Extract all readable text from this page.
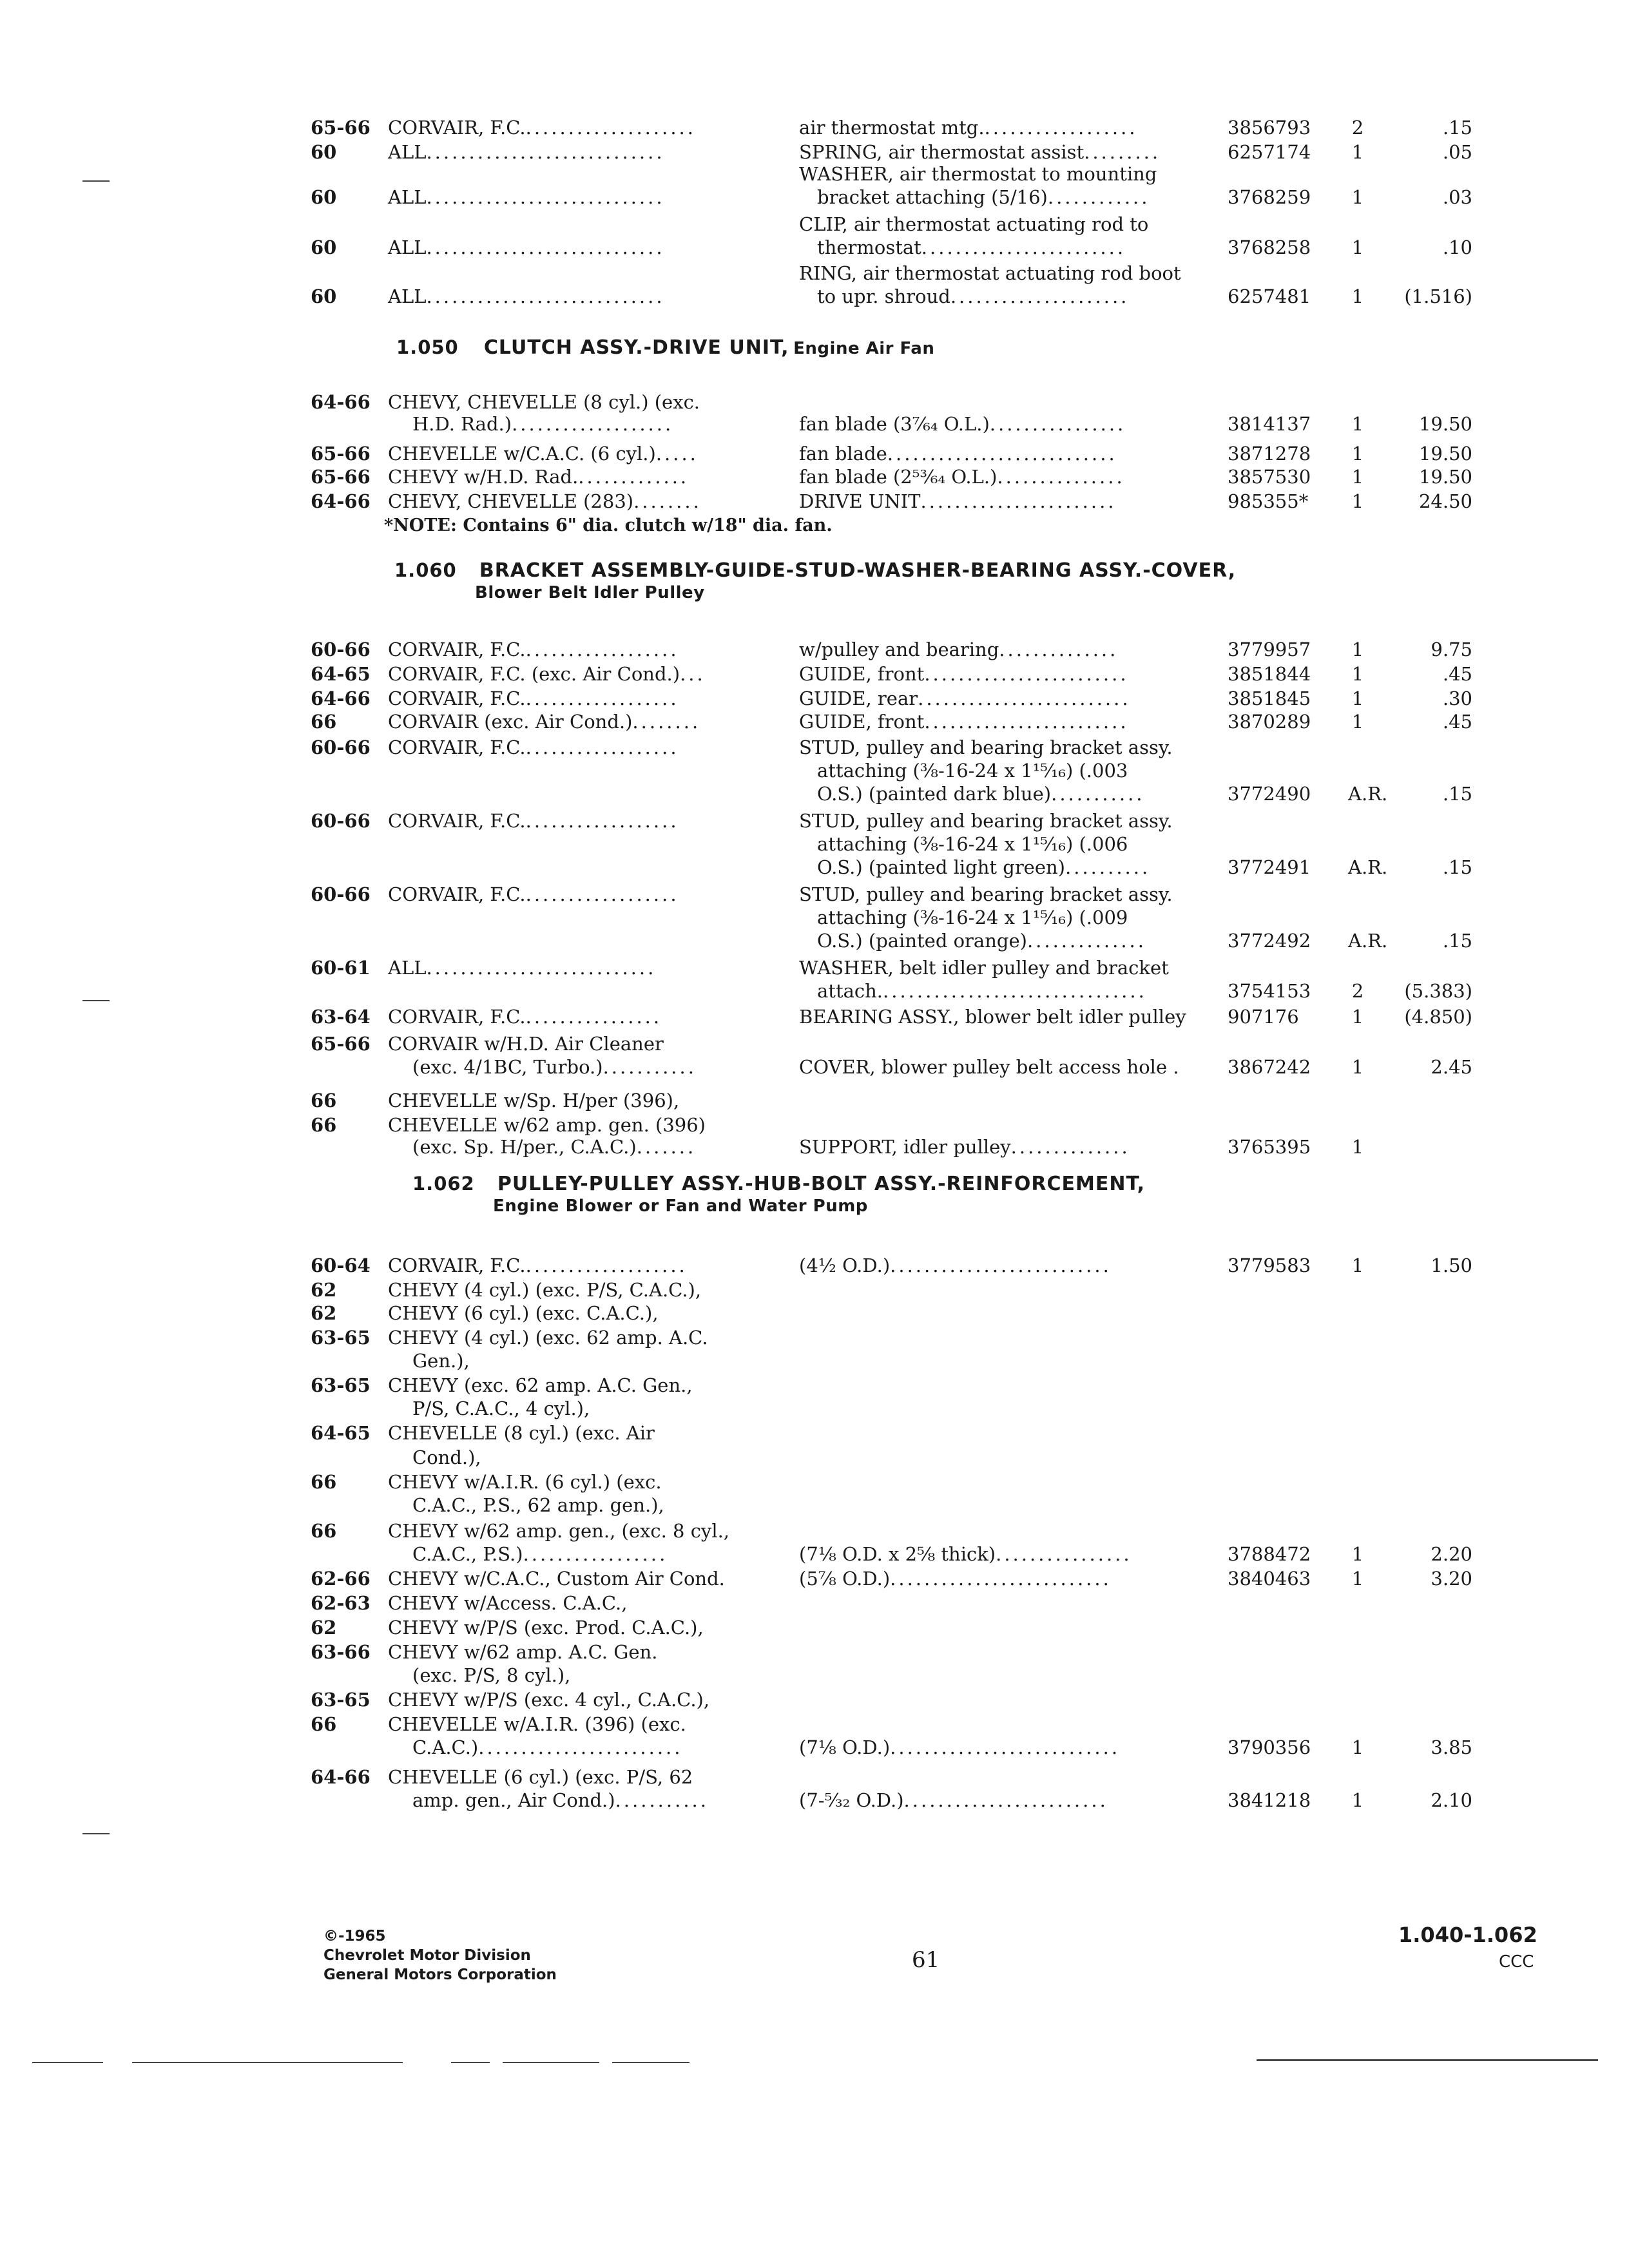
65-66 CORVAIR, F.C.....................	air thermostat mtg...................	3856793 2	.15
60	ALL............................	SPRING, air thermostat assist.........	6257174 1	.05
WASHER, air thermostat to mounting
60	ALL............................	bracket attaching (5/16)............	3768259 1	.03
CLIP, air thermostat actuating rod to
60	ALL............................	thermostat........................	3768258 1	.10
RING, air thermostat actuating rod boot
60	ALL............................	to upr. shroud.....................	6257481 1 (1.516)
1.050 CLUTCH ASSY.-DRIVE UNIT, Engine Air Fan
64-66 CHEVY, CHEVELLE (8 cyl.) (exc.
H.D. Rad.)...................	fan blade (3⁷⁄₆₄ O.L.)................	3814137 1	19.50
65-66 CHEVELLE w/C.A.C. (6 cyl.).....	fan blade...........................	3871278 1	19.50
65-66 CHEVY w/H.D. Rad..............	fan blade (2⁵³⁄₆₄ O.L.)...............	3857530 1	19.50
64-66 CHEVY, CHEVELLE (283)........	DRIVE UNIT.......................	985355* 1	24.50
*NOTE: Contains 6" dia. clutch w/18" dia. fan.
1.060 BRACKET ASSEMBLY-GUIDE-STUD-WASHER-BEARING ASSY.-COVER,
Blower Belt Idler Pulley
60-66 CORVAIR, F.C...................	w/pulley and bearing..............	3779957 1	9.75
64-65 CORVAIR, F.C. (exc. Air Cond.)...	GUIDE, front........................	3851844 1	.45
64-66 CORVAIR, F.C...................	GUIDE, rear.........................	3851845 1	.30
66	CORVAIR (exc. Air Cond.)........	GUIDE, front........................	3870289 1	.45
60-66 CORVAIR, F.C...................	STUD, pulley and bearing bracket assy.
attaching (⅜-16-24 x 1¹⁵⁄₁₆) (.003
O.S.) (painted dark blue)...........	3772490 A.R.	.15
60-66 CORVAIR, F.C...................	STUD, pulley and bearing bracket assy.
attaching (⅜-16-24 x 1¹⁵⁄₁₆) (.006
O.S.) (painted light green)..........	3772491 A.R.	.15
60-66 CORVAIR, F.C...................	STUD, pulley and bearing bracket assy.
attaching (⅜-16-24 x 1¹⁵⁄₁₆) (.009
O.S.) (painted orange)..............	3772492 A.R.	.15
60-61 ALL...........................	WASHER, belt idler pulley and bracket
attach................................	3754153 2 (5.383)
63-64 CORVAIR, F.C.................	BEARING ASSY., blower belt idler pulley 907176	1 (4.850)
65-66 CORVAIR w/H.D. Air Cleaner
(exc. 4/1BC, Turbo.)...........	COVER, blower pulley belt access hole .	3867242 1	2.45
66	CHEVELLE w/Sp. H/per (396),
66	CHEVELLE w/62 amp. gen. (396)
(exc. Sp. H/per., C.A.C.).......	SUPPORT, idler pulley..............	3765395 1
1.062 PULLEY-PULLEY ASSY.-HUB-BOLT ASSY.-REINFORCEMENT,
Engine Blower or Fan and Water Pump
60-64 CORVAIR, F.C....................	(4½ O.D.)..........................	3779583 1	1.50
62	CHEVY (4 cyl.) (exc. P/S, C.A.C.),
62	CHEVY (6 cyl.) (exc. C.A.C.),
63-65 CHEVY (4 cyl.) (exc. 62 amp. A.C.
Gen.),
63-65 CHEVY (exc. 62 amp. A.C. Gen.,
P/S, C.A.C., 4 cyl.),
64-65 CHEVELLE (8 cyl.) (exc. Air
Cond.),
66	CHEVY w/A.I.R. (6 cyl.) (exc.
C.A.C., P.S., 62 amp. gen.),
66	CHEVY w/62 amp. gen., (exc. 8 cyl.,
C.A.C., P.S.).................	(7⅛ O.D. x 2⅝ thick)................	3788472 1	2.20
62-66 CHEVY w/C.A.C., Custom Air Cond.	(5⅞ O.D.)..........................	3840463 1	3.20
62-63 CHEVY w/Access. C.A.C.,
62	CHEVY w/P/S (exc. Prod. C.A.C.),
63-66 CHEVY w/62 amp. A.C. Gen.
(exc. P/S, 8 cyl.),
63-65 CHEVY w/P/S (exc. 4 cyl., C.A.C.),
66	CHEVELLE w/A.I.R. (396) (exc.
C.A.C.)........................	(7⅛ O.D.)...........................	3790356 1	3.85
64-66 CHEVELLE (6 cyl.) (exc. P/S, 62
amp. gen., Air Cond.)...........	(7-⁵⁄₃₂ O.D.)........................	3841218 1	2.10
©-1965
Chevrolet Motor Division
General Motors Corporation
61
1.040-1.062
CCC
